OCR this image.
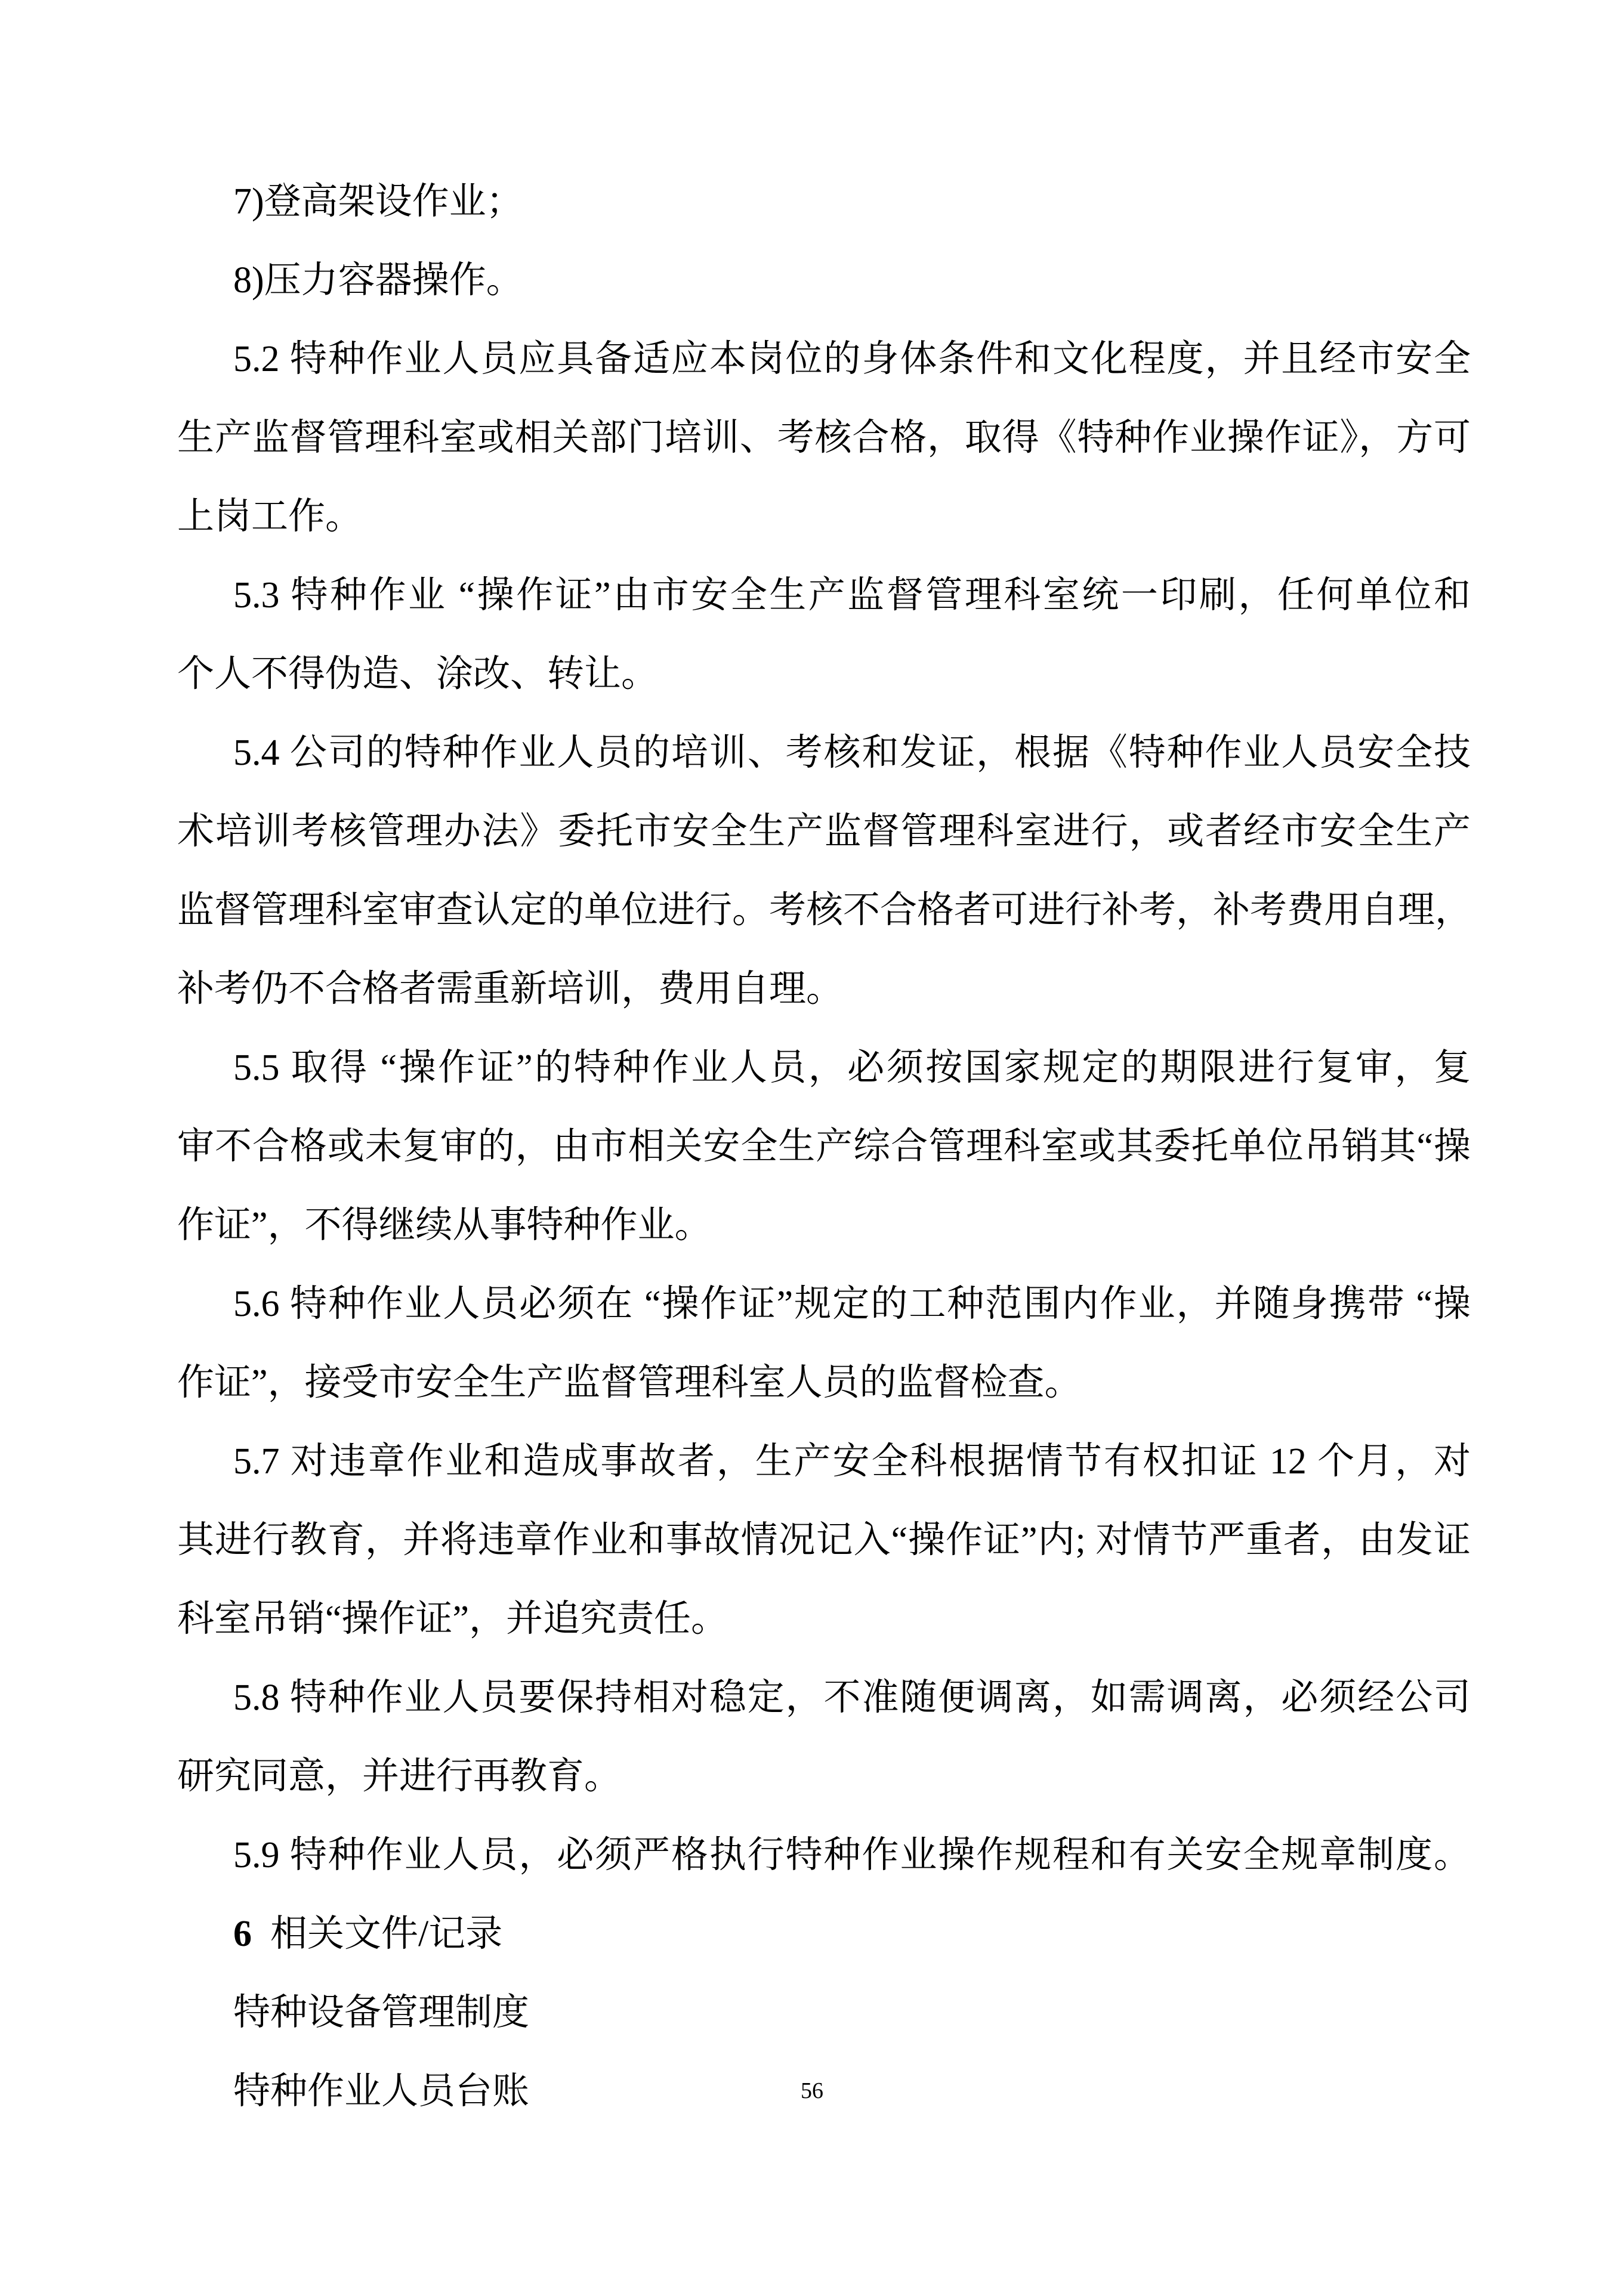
7)登高架设作业；
8)压力容器操作。
5.2 特种作业人员应具备适应本岗位的身体条件和文化程度，并且经市安全
生产监督管理科室或相关部门培训、考核合格，取得《特种作业操作证》，方可
上岗工作。
5.3 特种作业 “操作证”由市安全生产监督管理科室统一印刷，任何单位和
个人不得伪造、涂改、转让。
5.4 公司的特种作业人员的培训、考核和发证，根据《特种作业人员安全技
术培训考核管理办法》委托市安全生产监督管理科室进行，或者经市安全生产
监督管理科室审查认定的单位进行。考核不合格者可进行补考，补考费用自理，
补考仍不合格者需重新培训，费用自理。
5.5 取得 “操作证”的特种作业人员，必须按国家规定的期限进行复审，复
审不合格或未复审的，由市相关安全生产综合管理科室或其委托单位吊销其“操
作证”，不得继续从事特种作业。
5.6 特种作业人员必须在 “操作证”规定的工种范围内作业，并随身携带 “操
作证”，接受市安全生产监督管理科室人员的监督检查。
5.7 对违章作业和造成事故者，生产安全科根据情节有权扣证 12 个月，对
其进行教育，并将违章作业和事故情况记入“操作证”内; 对情节严重者，由发证
科室吊销“操作证”，并追究责任。
5.8 特种作业人员要保持相对稳定，不准随便调离，如需调离，必须经公司
研究同意，并进行再教育。
5.9 特种作业人员，必须严格执行特种作业操作规程和有关安全规章制度。
6 相关文件/记录
特种设备管理制度
特种作业人员台账	56
